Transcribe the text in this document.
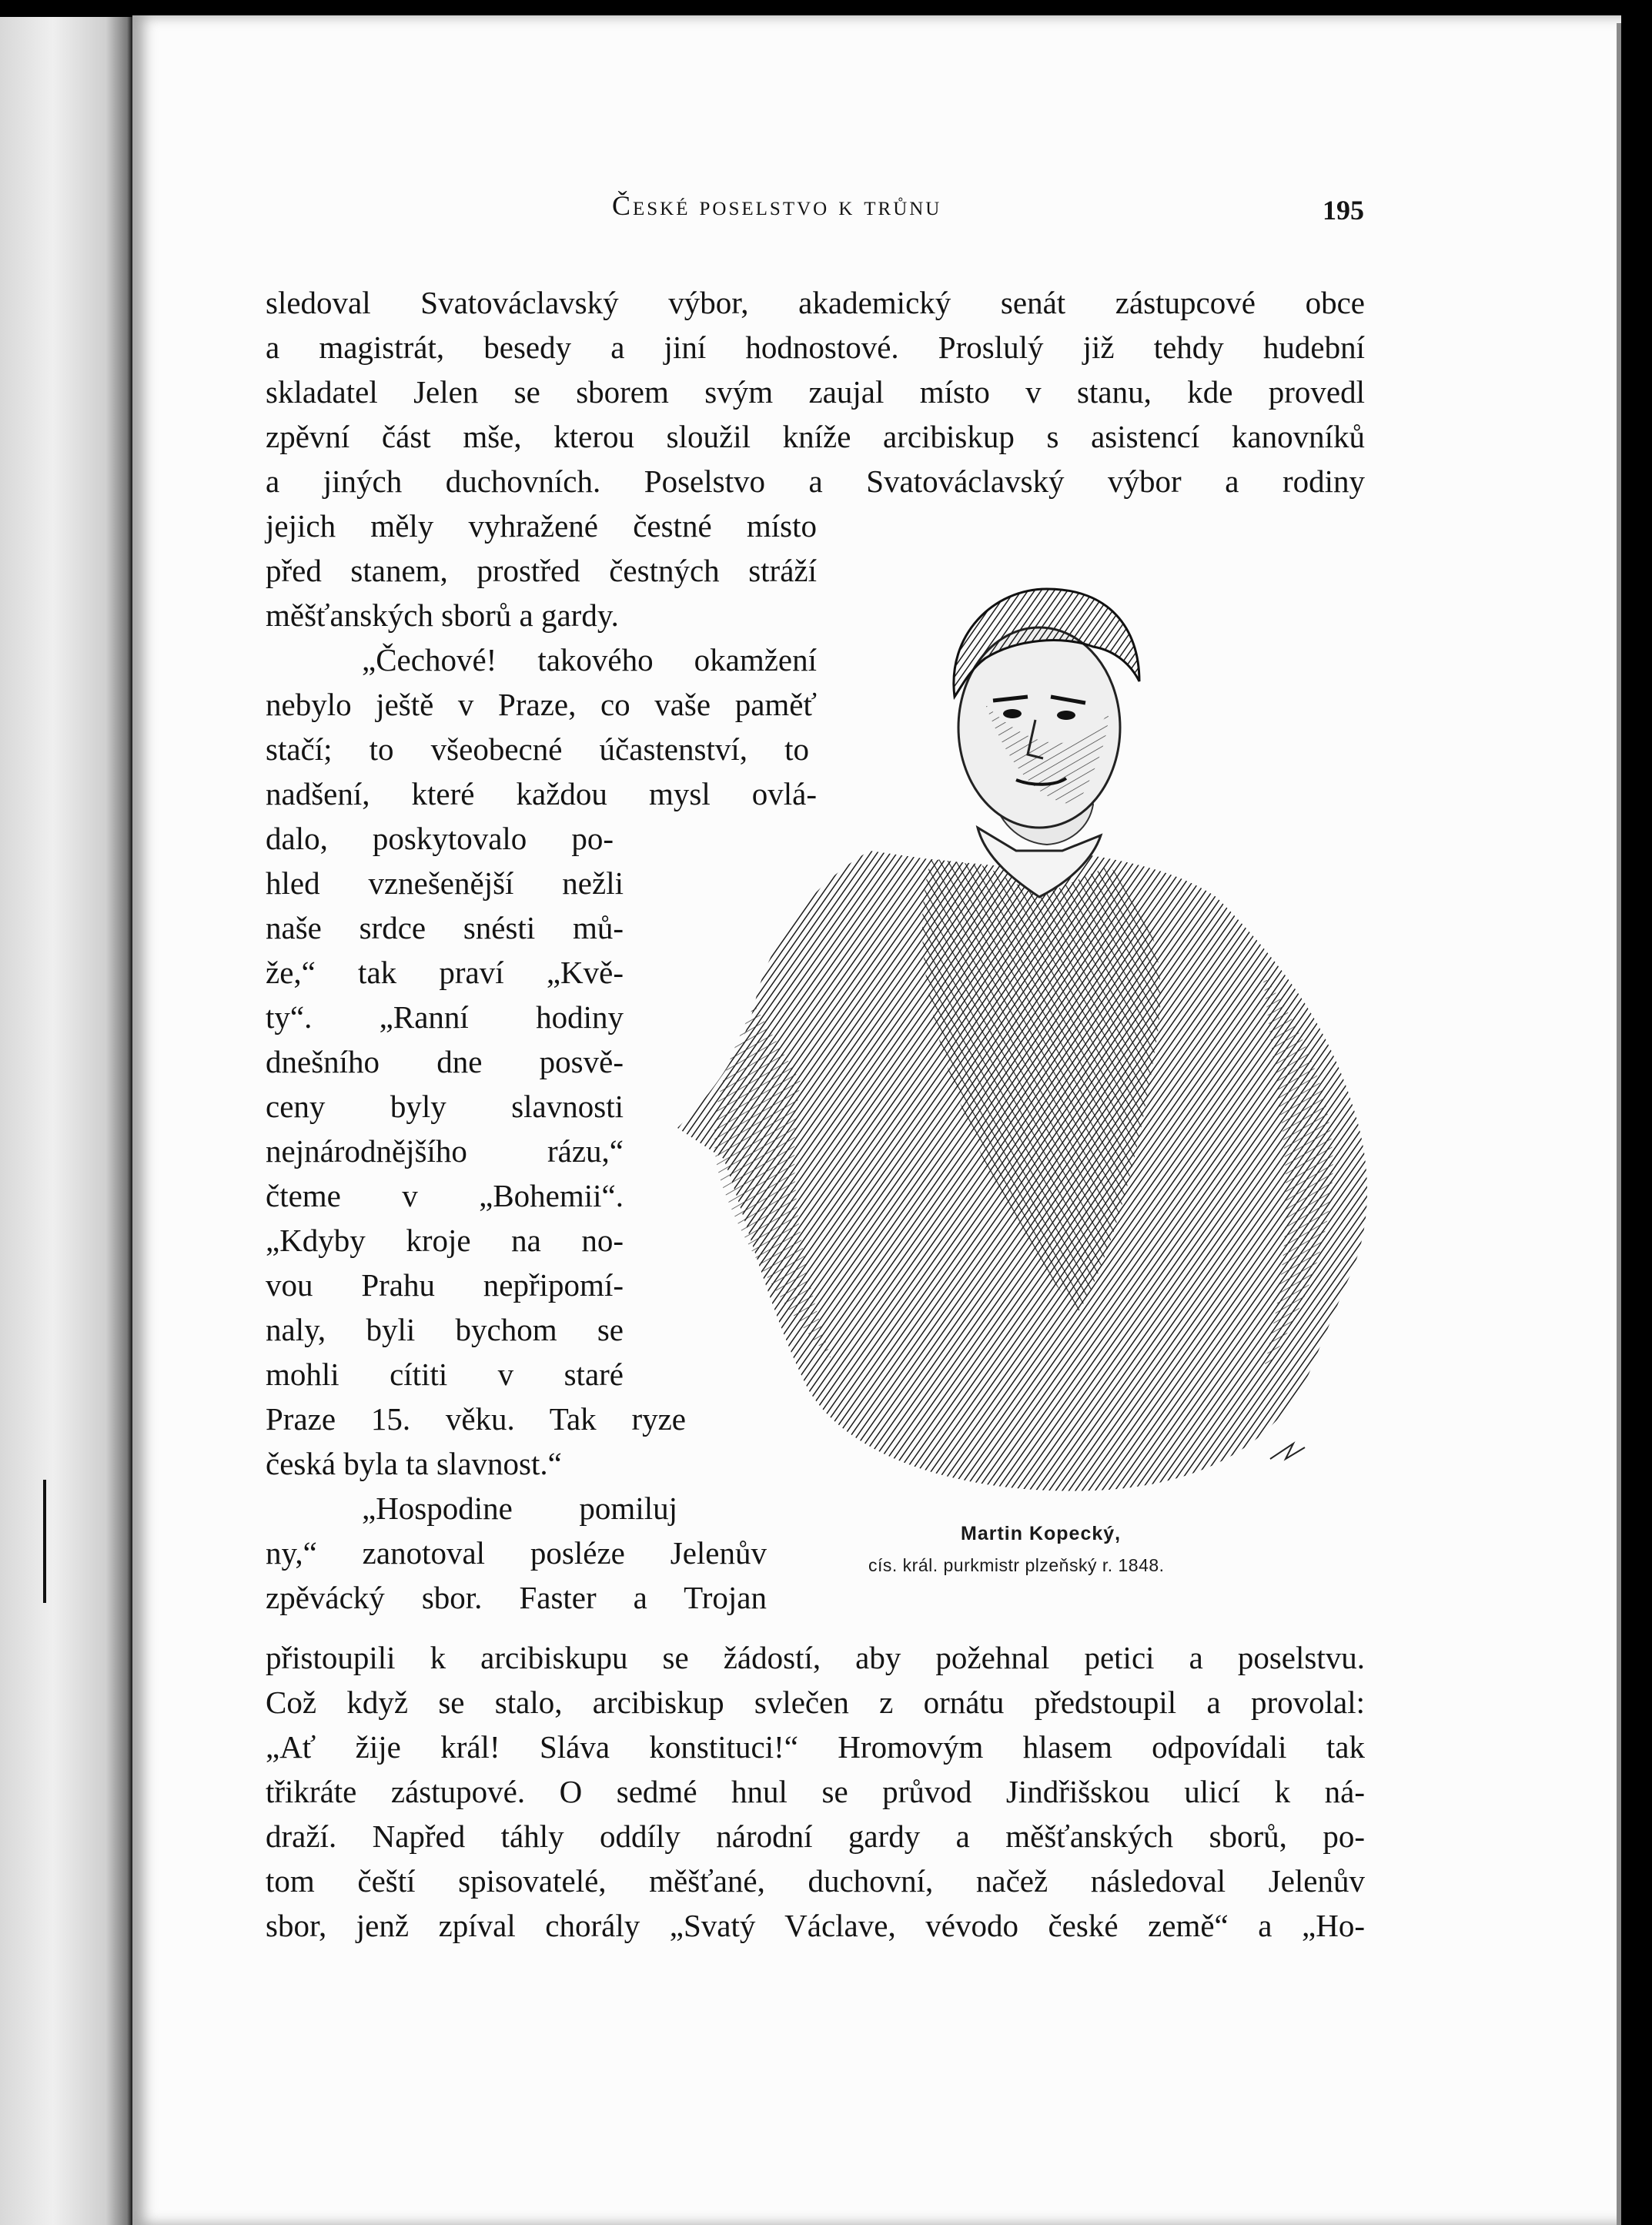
České poselstvo k trůnu	195
sledoval Svatováclavský výbor, akademický senát zástupcové obce
a magistrát, besedy a jiní hodnostové. Proslulý již tehdy hudební
skladatel Jelen se sborem svým zaujal místo v stanu, kde provedl
zpěvní část mše, kterou sloužil kníže arcibiskup s asistencí kanovníků
a jiných duchovních. Poselstvo a Svatováclavský výbor a rodiny
jejich měly vyhražené čestné místo
před stanem, prostřed čestných stráží
měšťanských sborů a gardy.
„Čechové! takového okamžení
nebylo ještě v Praze, co vaše paměť
stačí; to všeobecné účastenství, to
nadšení, které každou mysl ovlá-
dalo, poskytovalo po-
hled vznešenější nežli
naše srdce snésti mů-
že,“ tak praví „Kvě-
ty“. „Ranní hodiny
dnešního dne posvě-
ceny byly slavnosti
nejnárodnějšího rázu,“
čteme v „Bohemii“.
„Kdyby kroje na no-
vou Prahu nepřipomí-
naly, byli bychom se
mohli cítiti v staré
Praze 15. věku. Tak ryze
česká byla ta slavnost.“
„Hospodine pomiluj
ny,“ zanotoval posléze Jelenův
zpěvácký sbor. Faster a Trojan
přistoupili k arcibiskupu se žádostí, aby požehnal petici a poselstvu.
Což když se stalo, arcibiskup svlečen z ornátu předstoupil a provolal:
„Ať žije král! Sláva konstituci!“ Hromovým hlasem odpovídali tak
třikráte zástupové. O sedmé hnul se průvod Jindřišskou ulicí k ná-
draží. Napřed táhly oddíly národní gardy a měšťanských sborů, po-
tom čeští spisovatelé, měšťané, duchovní, načež následoval Jelenův
sbor, jenž zpíval chorály „Svatý Václave, vévodo české země“ a „Ho-
Martin Kopecký,
cís. král. purkmistr plzeňský r. 1848.
